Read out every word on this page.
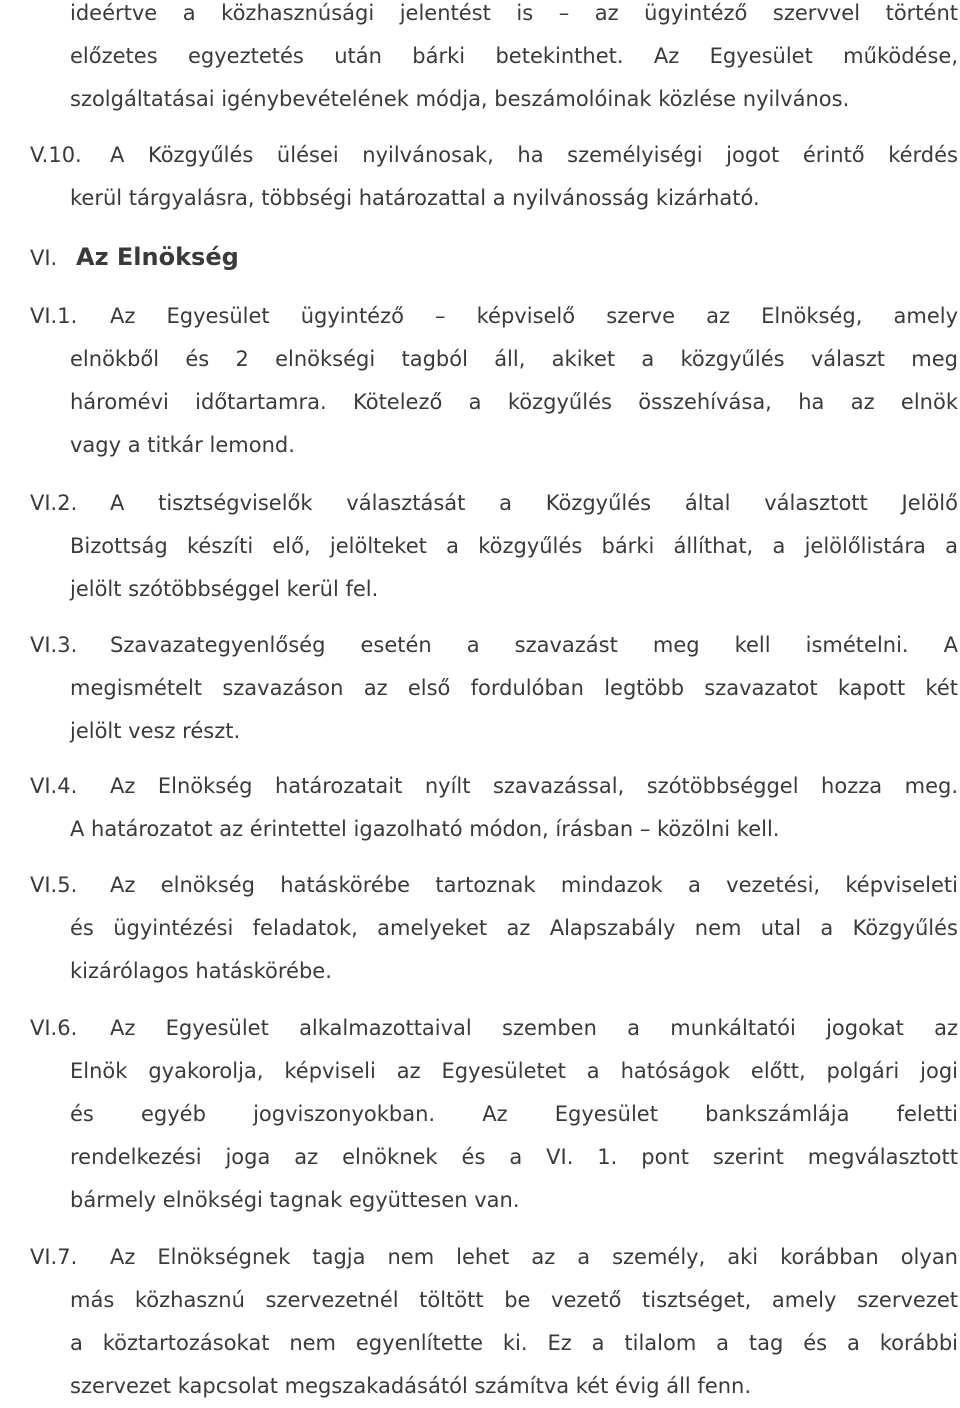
ideértve a közhasznúsági jelentést is – az ügyintéző szervvel történt
előzetes egyeztetés után bárki betekinthet. Az Egyesület működése,
szolgáltatásai igénybevételének módja, beszámolóinak közlése nyilvános.
V.10. A Közgyűlés ülései nyilvánosak, ha személyiségi jogot érintő kérdés
kerül tárgyalásra, többségi határozattal a nyilvánosság kizárható.
VI. Az Elnökség
VI.1. Az Egyesület ügyintéző – képviselő szerve az Elnökség, amely
elnökből és 2 elnökségi tagból áll, akiket a közgyűlés választ meg
háromévi időtartamra. Kötelező a közgyűlés összehívása, ha az elnök
vagy a titkár lemond.
VI.2. A tisztségviselők választását a Közgyűlés által választott Jelölő
Bizottság készíti elő, jelölteket a közgyűlés bárki állíthat, a jelölőlistára a
jelölt szótöbbséggel kerül fel.
VI.3. Szavazategyenlőség esetén a szavazást meg kell ismételni. A
megismételt szavazáson az első fordulóban legtöbb szavazatot kapott két
jelölt vesz részt.
VI.4. Az Elnökség határozatait nyílt szavazással, szótöbbséggel hozza meg.
A határozatot az érintettel igazolható módon, írásban – közölni kell.
VI.5. Az elnökség hatáskörébe tartoznak mindazok a vezetési, képviseleti
és ügyintézési feladatok, amelyeket az Alapszabály nem utal a Közgyűlés
kizárólagos hatáskörébe.
VI.6. Az Egyesület alkalmazottaival szemben a munkáltatói jogokat az
Elnök gyakorolja, képviseli az Egyesületet a hatóságok előtt, polgári jogi
és egyéb jogviszonyokban. Az Egyesület bankszámlája feletti
rendelkezési joga az elnöknek és a VI. 1. pont szerint megválasztott
bármely elnökségi tagnak együttesen van.
VI.7. Az Elnökségnek tagja nem lehet az a személy, aki korábban olyan
más közhasznú szervezetnél töltött be vezető tisztséget, amely szervezet
a köztartozásokat nem egyenlítette ki. Ez a tilalom a tag és a korábbi
szervezet kapcsolat megszakadásától számítva két évig áll fenn.
